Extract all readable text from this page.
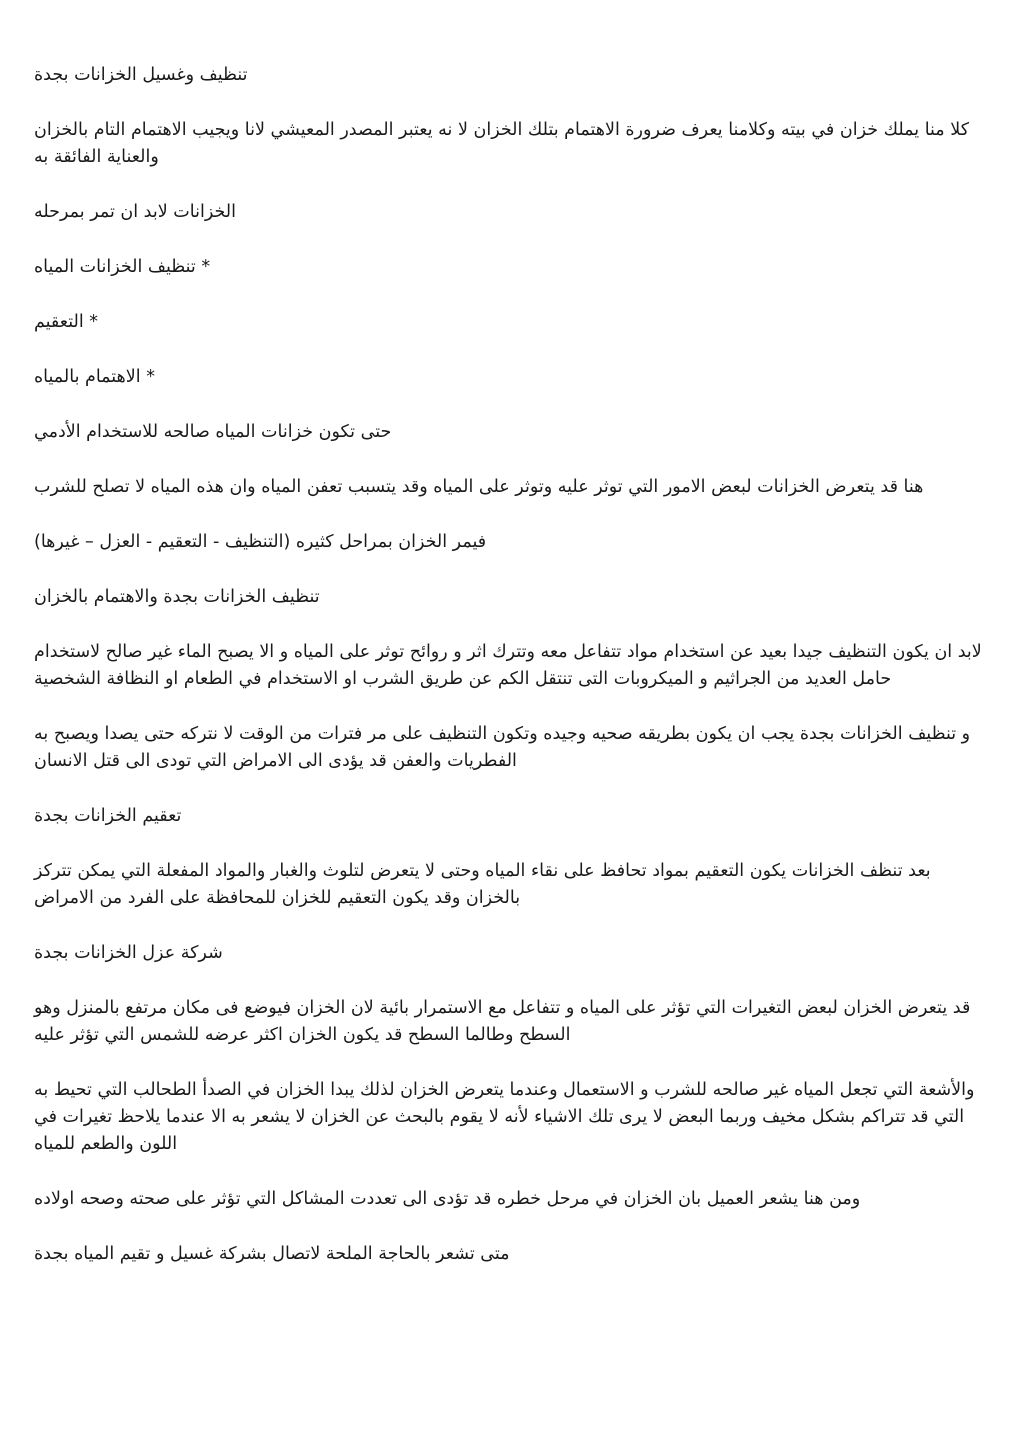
تنظيف وغسيل الخزانات بجدة

كلا منا يملك خزان في بيته وكلامنا يعرف ضرورة الاهتمام بتلك الخزان لا نه يعتبر المصدر المعيشي لانا ويجيب الاهتمام التام بالخزان والعناية الفائقة به

الخزانات لابد ان تمر بمرحله

* تنظيف الخزانات المياه

* التعقيم

* الاهتمام بالمياه

حتى تكون خزانات المياه صالحه للاستخدام الأدمي

هنا قد يتعرض الخزانات لبعض الامور التي توثر عليه وتوثر على المياه وقد يتسبب تعفن المياه وان هذه المياه لا تصلح للشرب

فيمر الخزان بمراحل كثيره (التنظيف - التعقيم - العزل – غيرها)

تنظيف الخزانات بجدة والاهتمام بالخزان

لابد ان يكون التنظيف جيدا بعيد عن استخدام مواد تتفاعل معه وتترك اثر و روائح توثر على المياه و الا يصبح الماء غير صالح لاستخدام حامل العديد من الجراثيم و الميكروبات التى تنتقل الكم عن طريق الشرب او الاستخدام في الطعام او النظافة الشخصية

و تنظيف الخزانات بجدة يجب ان يكون بطريقه صحيه وجيده وتكون التنظيف على مر فترات من الوقت لا نتركه حتى يصدا ويصبح به الفطريات والعفن قد يؤدى الى الامراض التي تودى الى قتل الانسان

تعقيم الخزانات بجدة

بعد تنظف الخزانات يكون التعقيم بمواد تحافظ على نقاء المياه وحتى لا يتعرض لتلوث والغبار والمواد المفعلة التي يمكن تتركز بالخزان وقد يكون التعقيم للخزان للمحافظة على الفرد من الامراض

شركة عزل الخزانات بجدة

قد يتعرض الخزان لبعض التغيرات التي تؤثر على المياه و تتفاعل مع الاستمرار بائية لان الخزان فيوضع فى مكان مرتفع بالمنزل وهو السطح وطالما السطح قد يكون الخزان اكثر عرضه للشمس التي تؤثر عليه

والأشعة التي تجعل المياه غير صالحه للشرب و الاستعمال وعندما يتعرض الخزان لذلك يبدا الخزان في الصدأ الطحالب التي تحيط به التي قد تتراكم بشكل مخيف وربما البعض لا يرى تلك الاشياء لأنه لا يقوم بالبحث عن الخزان لا يشعر به الا عندما يلاحظ تغيرات في اللون والطعم للمياه

ومن هنا يشعر العميل بان الخزان في مرحل خطره قد تؤدى الى تعددت المشاكل التي تؤثر على صحته وصحه اولاده

متى تشعر بالحاجة الملحة لاتصال بشركة غسيل و تقيم المياه بجدة
